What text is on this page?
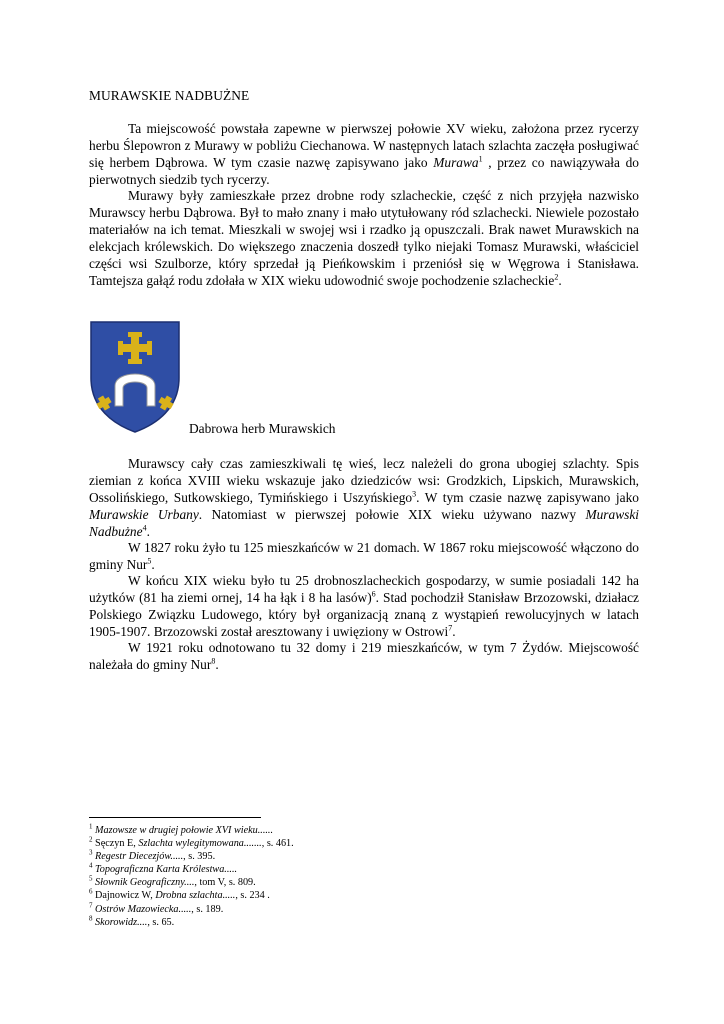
MURAWSKIE NADBUŻNE

Ta miejscowość powstała zapewne w pierwszej połowie XV wieku, założona przez rycerzy herbu Ślepowron z Murawy w pobliżu Ciechanowa. W następnych latach szlachta zaczęła posługiwać się herbem Dąbrowa. W tym czasie nazwę zapisywano jako Murawa$^1$ , przez co nawiązywała do pierwotnych siedzib tych rycerzy.

Murawy były zamieszkałe przez drobne rody szlacheckie, część z nich przyjęła nazwisko Murawscy herbu Dąbrowa. Był to mało znany i mało utytułowany ród szlachecki. Niewiele pozostało materiałów na ich temat. Mieszkali w swojej wsi i rzadko ją opuszczali. Brak nawet Murawskich na elekcjach królewskich. Do większego znaczenia doszedł tylko niejaki Tomasz Murawski, właściciel części wsi Szulborze, który sprzedał ją Pieńkowskim i przeniósł się w Węgrowa i Stanisława. Tamtejsza gałąź rodu zdołała w XIX wieku udowodnić swoje pochodzenie szlacheckie$^2$.

Dabrowa herb Murawskich

Murawscy cały czas zamieszkiwali tę wieś, lecz należeli do grona ubogiej szlachty. Spis ziemian z końca XVIII wieku wskazuje jako dziedziców wsi: Grodzkich, Lipskich, Murawskich, Ossolińskiego, Sutkowskiego, Tymińskiego i Uszyńskiego$^3$. W tym czasie nazwę zapisywano jako Murawskie Urbany. Natomiast w pierwszej połowie XIX wieku używano nazwy Murawski Nadbużne$^4$.

W 1827 roku żyło tu 125 mieszkańców w 21 domach. W 1867 roku miejscowość włączono do gminy Nur$^5$.

W końcu XIX wieku było tu 25 drobnoszlacheckich gospodarzy, w sumie posiadali 142 ha użytków (81 ha ziemi ornej, 14 ha łąk i 8 ha lasów)$^6$. Stad pochodził Stanisław Brzozowski, działacz Polskiego Związku Ludowego, który był organizacją znaną z wystąpień rewolucyjnych w latach 1905-1907. Brzozowski został aresztowany i uwięziony w Ostrowi$^7$.

W 1921 roku odnotowano tu 32 domy i 219 mieszkańców, w tym 7 Żydów. Miejscowość należała do gminy Nur$^8$.

$^1$ Mazowsze w drugiej połowie XVI wieku......
$^2$ Sęczyn E, Szlachta wylegitymowana......., s. 461.
$^3$ Regestr Diecezjów....., s. 395.
$^4$ Topograficzna Karta Królestwa.....
$^5$ Słownik Geograficzny...., tom V, s. 809.
$^6$ Dajnowicz W, Drobna szlachta....., s. 234 .
$^7$ Ostrów Mazowiecka....., s. 189.
$^8$ Skorowidz...., s. 65.
